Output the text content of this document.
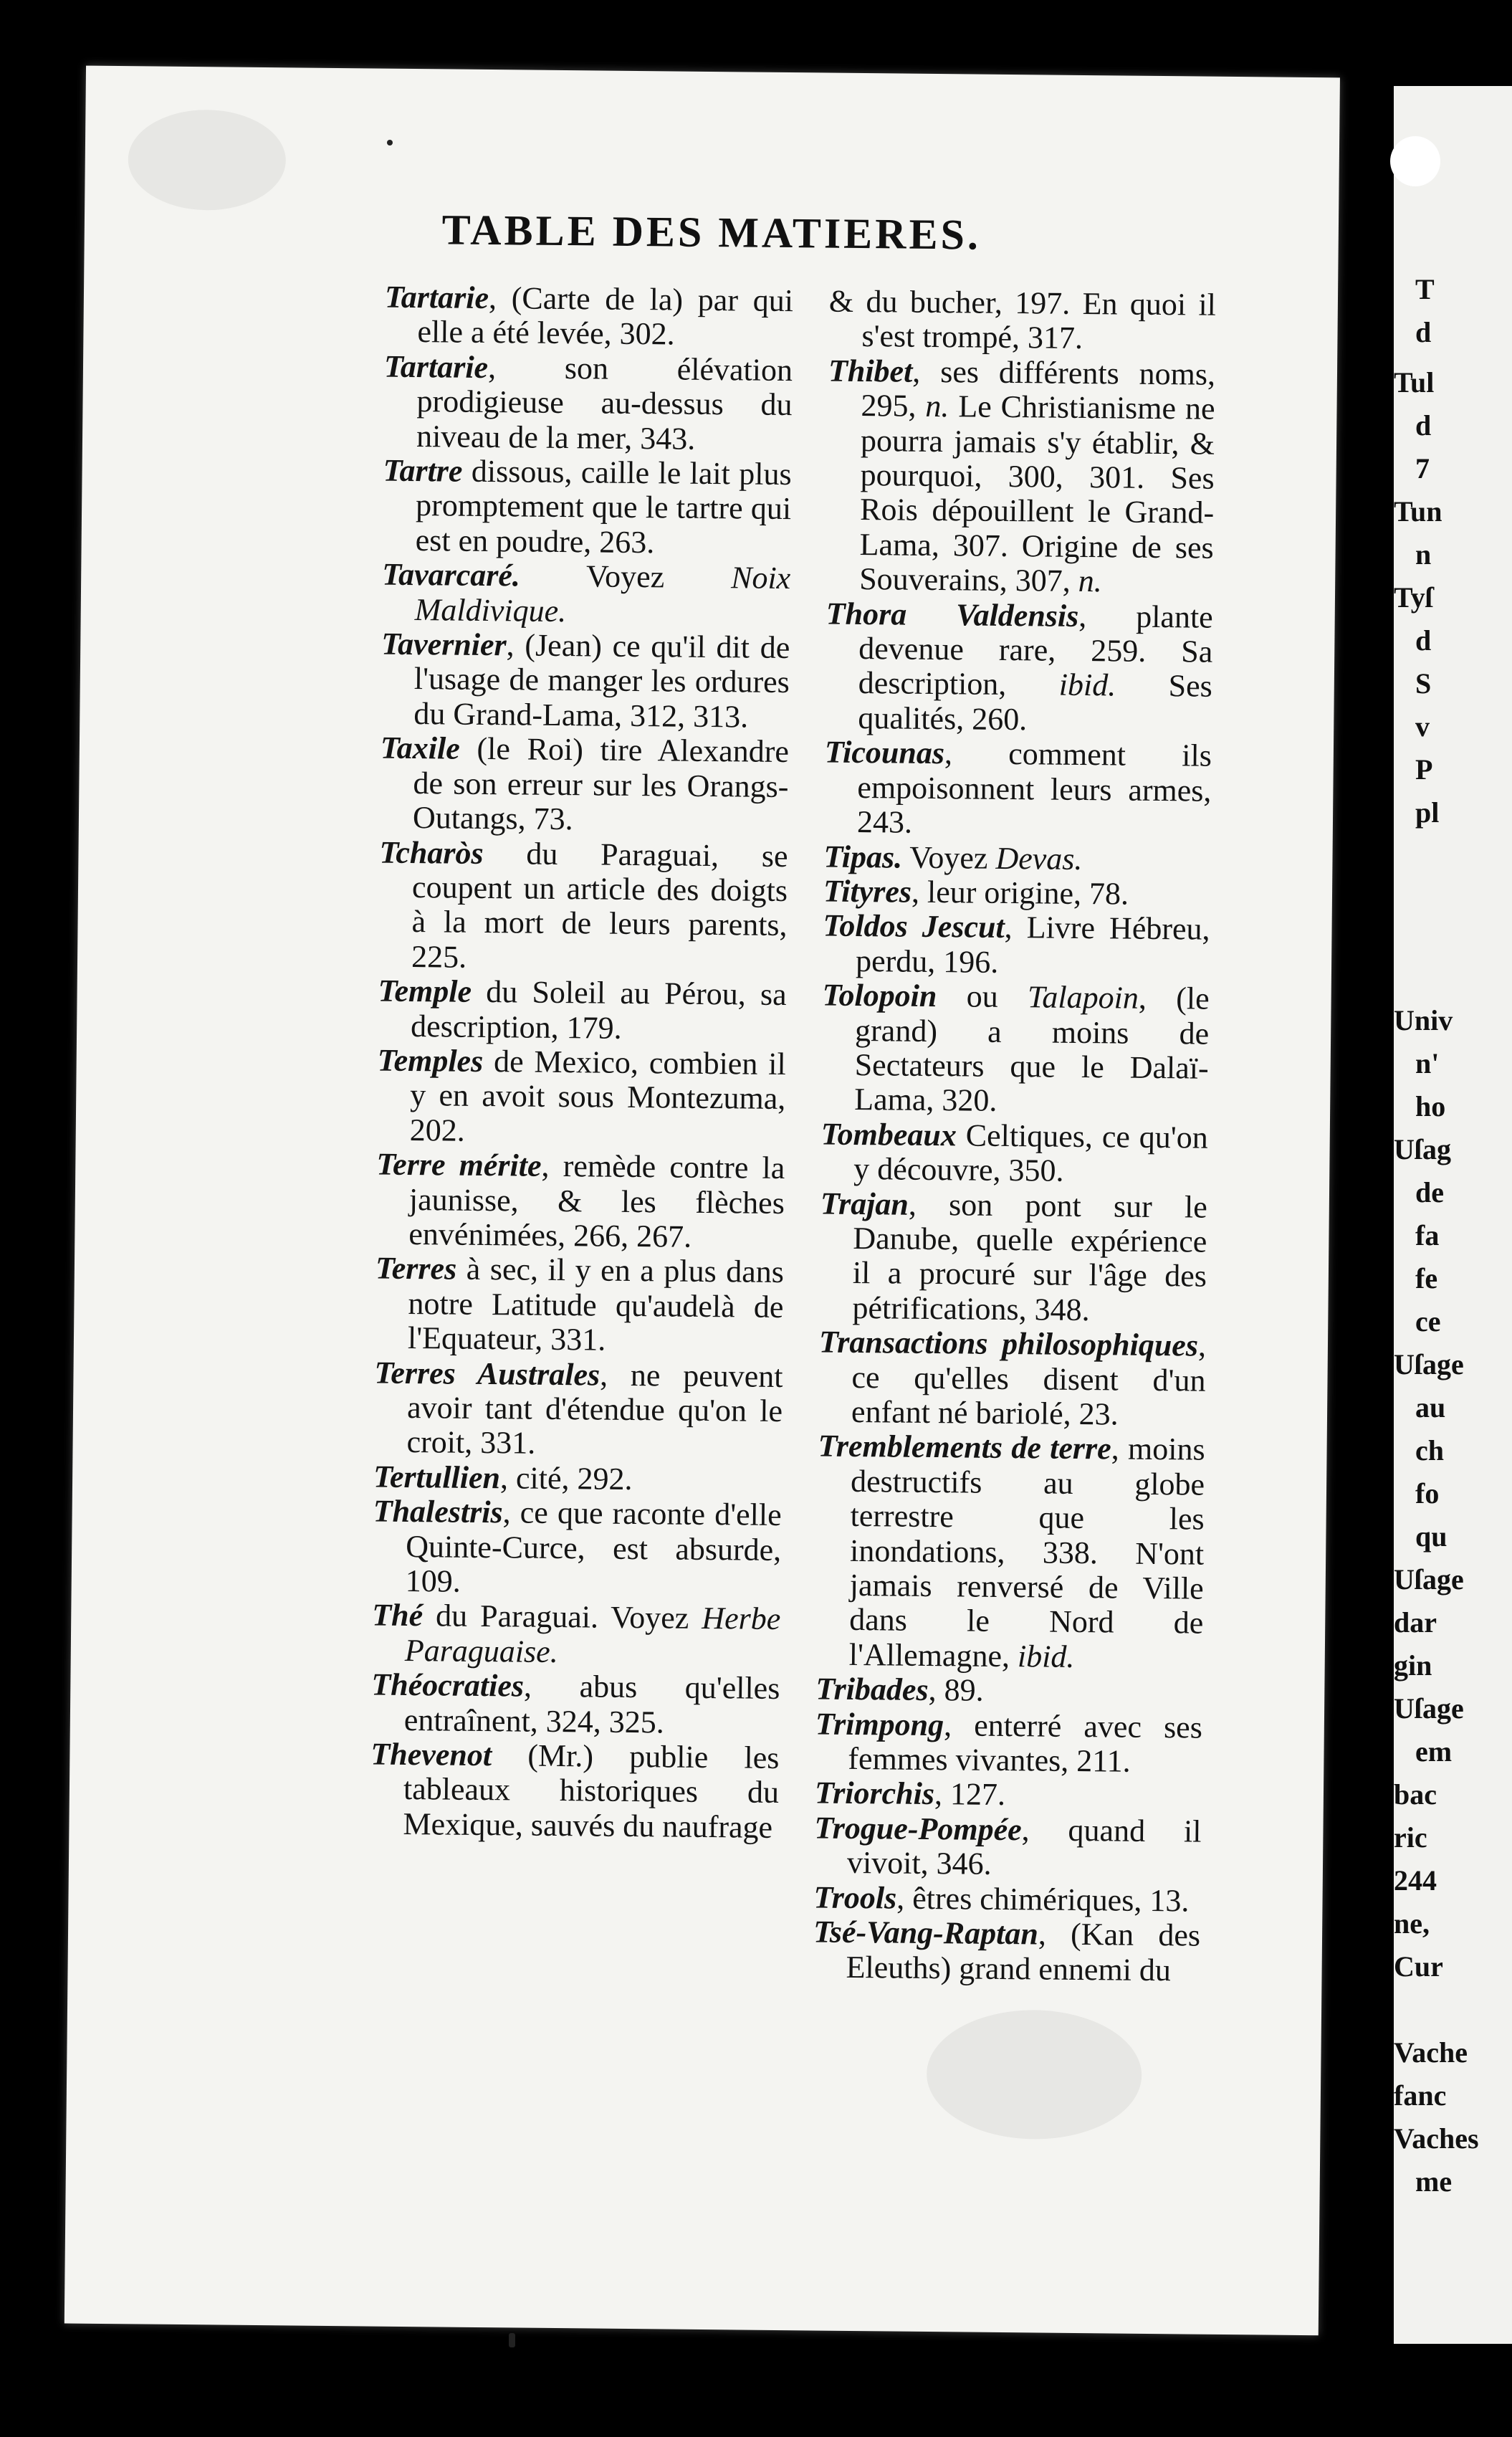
TABLE DES MATIERES.
Tartarie, (Carte de la) par qui elle a été levée, 302.
Tartarie, son élévation prodigieuse au-dessus du niveau de la mer, 343.
Tartre dissous, caille le lait plus promptement que le tartre qui est en poudre, 263.
Tavarcaré. Voyez Noix Maldivique.
Tavernier, (Jean) ce qu'il dit de l'usage de manger les ordures du Grand-Lama, 312, 313.
Taxile (le Roi) tire Alexandre de son erreur sur les Orangs-Outangs, 73.
Tcharòs du Paraguai, se coupent un article des doigts à la mort de leurs parents, 225.
Temple du Soleil au Pérou, sa description, 179.
Temples de Mexico, combien il y en avoit sous Montezuma, 202.
Terre mérite, remède contre la jaunisse, & les flèches envénimées, 266, 267.
Terres à sec, il y en a plus dans notre Latitude qu'audelà de l'Equateur, 331.
Terres Australes, ne peuvent avoir tant d'étendue qu'on le croit, 331.
Tertullien, cité, 292.
Thalestris, ce que raconte d'elle Quinte-Curce, est absurde, 109.
Thé du Paraguai. Voyez Herbe Paraguaise.
Théocraties, abus qu'elles entraînent, 324, 325.
Thevenot (Mr.) publie les tableaux historiques du Mexique, sauvés du naufrage
& du bucher, 197. En quoi il s'est trompé, 317.
Thibet, ses différents noms, 295, n. Le Christianisme ne pourra jamais s'y établir, & pourquoi, 300, 301. Ses Rois dépouillent le Grand-Lama, 307. Origine de ses Souverains, 307, n.
Thora Valdensis, plante devenue rare, 259. Sa description, ibid. Ses qualités, 260.
Ticounas, comment ils empoisonnent leurs armes, 243.
Tipas. Voyez Devas.
Tityres, leur origine, 78.
Toldos Jescut, Livre Hébreu, perdu, 196.
Tolopoin ou Talapoin, (le grand) a moins de Sectateurs que le Dalaï-Lama, 320.
Tombeaux Celtiques, ce qu'on y découvre, 350.
Trajan, son pont sur le Danube, quelle expérience il a procuré sur l'âge des pétrifications, 348.
Transactions philosophiques, ce qu'elles disent d'un enfant né bariolé, 23.
Tremblements de terre, moins destructifs au globe terrestre que les inondations, 338. N'ont jamais renversé de Ville dans le Nord de l'Allemagne, ibid.
Tribades, 89.
Trimpong, enterré avec ses femmes vivantes, 211.
Triorchis, 127.
Trogue-Pompée, quand il vivoit, 346.
Trools, êtres chimériques, 13.
Tsé-Vang-Raptan, (Kan des Eleuths) grand ennemi du
T
d
Tul
d
7
Tun
n
Tyſ
d
S
v
P
pl
Univ
n'
ho
Uſag
de
fa
fe
ce
Uſage
au
ch
fo
qu
Uſage
dar
gin
Uſage
em
bac
ric
244
ne,
Cur
Vache
fanc
Vaches
me
